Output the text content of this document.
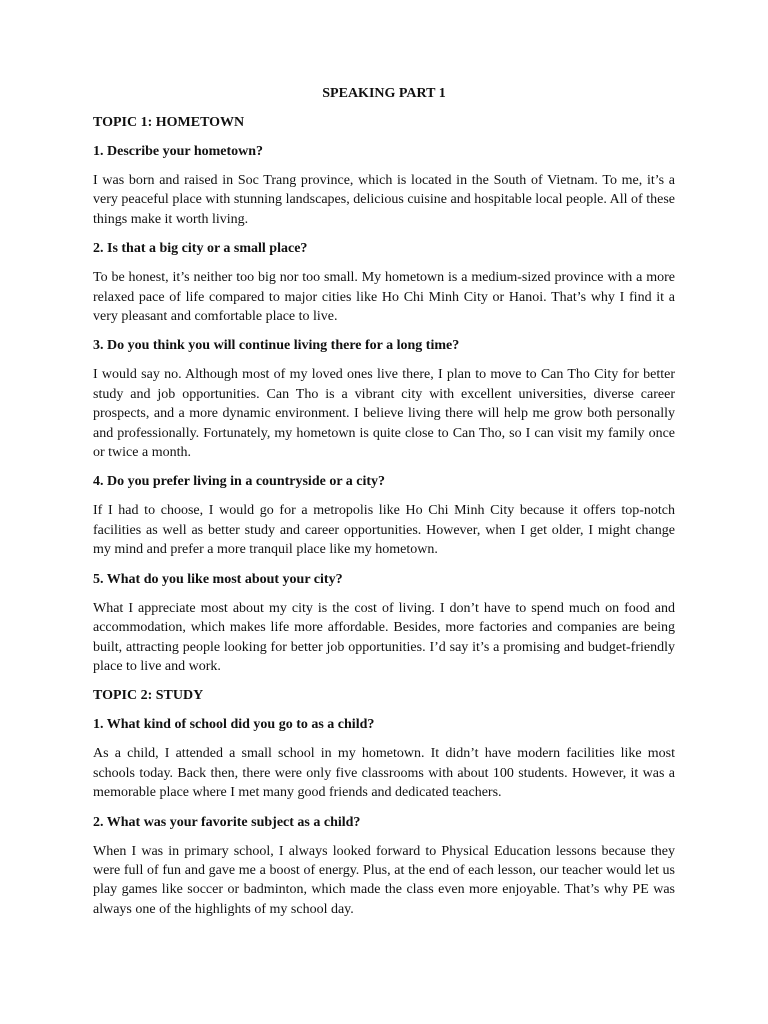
SPEAKING PART 1
TOPIC 1: HOMETOWN
1. Describe your hometown?
I was born and raised in Soc Trang province, which is located in the South of Vietnam. To me, it’s a very peaceful place with stunning landscapes, delicious cuisine and hospitable local people. All of these things make it worth living.
2. Is that a big city or a small place?
To be honest, it’s neither too big nor too small. My hometown is a medium-sized province with a more relaxed pace of life compared to major cities like Ho Chi Minh City or Hanoi. That’s why I find it a very pleasant and comfortable place to live.
3. Do you think you will continue living there for a long time?
I would say no. Although most of my loved ones live there, I plan to move to Can Tho City for better study and job opportunities. Can Tho is a vibrant city with excellent universities, diverse career prospects, and a more dynamic environment. I believe living there will help me grow both personally and professionally. Fortunately, my hometown is quite close to Can Tho, so I can visit my family once or twice a month.
4. Do you prefer living in a countryside or a city?
If I had to choose, I would go for a metropolis like Ho Chi Minh City because it offers top-notch facilities as well as better study and career opportunities. However, when I get older, I might change my mind and prefer a more tranquil place like my hometown.
5. What do you like most about your city?
What I appreciate most about my city is the cost of living. I don’t have to spend much on food and accommodation, which makes life more affordable. Besides, more factories and companies are being built, attracting people looking for better job opportunities. I’d say it’s a promising and budget-friendly place to live and work.
TOPIC 2: STUDY
1. What kind of school did you go to as a child?
As a child, I attended a small school in my hometown. It didn’t have modern facilities like most schools today. Back then, there were only five classrooms with about 100 students. However, it was a memorable place where I met many good friends and dedicated teachers.
2. What was your favorite subject as a child?
When I was in primary school, I always looked forward to Physical Education lessons because they were full of fun and gave me a boost of energy. Plus, at the end of each lesson, our teacher would let us play games like soccer or badminton, which made the class even more enjoyable. That’s why PE was always one of the highlights of my school day.
